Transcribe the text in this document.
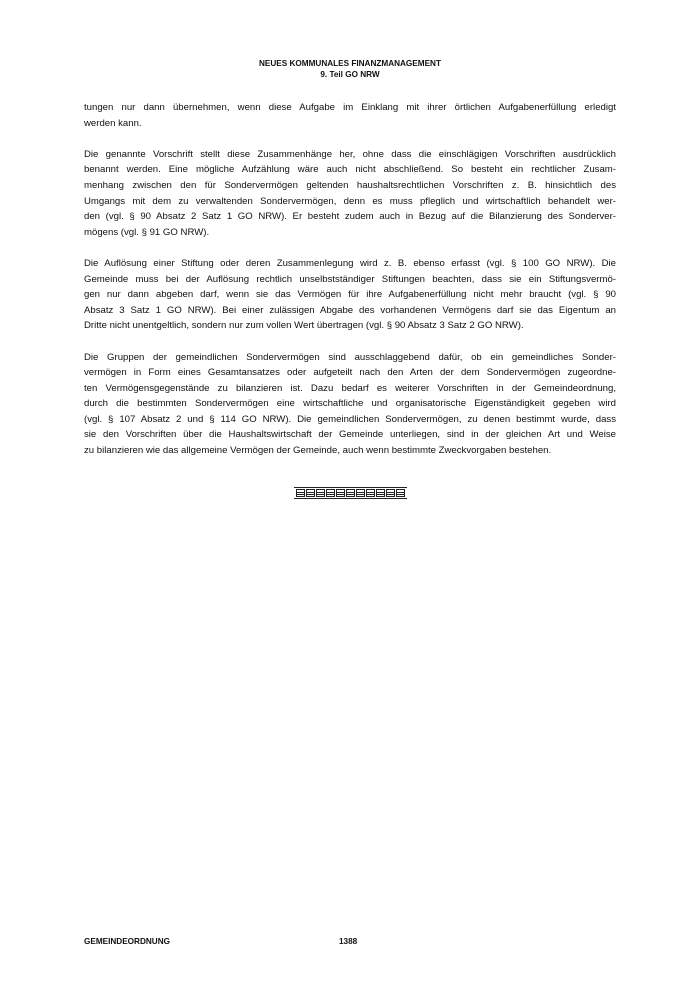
NEUES KOMMUNALES FINANZMANAGEMENT
9. Teil GO NRW

tungen nur dann übernehmen, wenn diese Aufgabe im Einklang mit ihrer örtlichen Aufgabenerfüllung erledigt
werden kann.

Die genannte Vorschrift stellt diese Zusammenhänge her, ohne dass die einschlägigen Vorschriften ausdrücklich
benannt werden. Eine mögliche Aufzählung wäre auch nicht abschließend. So besteht ein rechtlicher Zusam-
menhang zwischen den für Sondervermögen geltenden haushaltsrechtlichen Vorschriften z. B. hinsichtlich des
Umgangs mit dem zu verwaltenden Sondervermögen, denn es muss pfleglich und wirtschaftlich behandelt wer-
den (vgl. § 90 Absatz 2 Satz 1 GO NRW). Er besteht zudem auch in Bezug auf die Bilanzierung des Sonderver-
mögens (vgl. § 91 GO NRW).

Die Auflösung einer Stiftung oder deren Zusammenlegung wird z. B. ebenso erfasst (vgl. § 100 GO NRW). Die
Gemeinde muss bei der Auflösung rechtlich unselbstständiger Stiftungen beachten, dass sie ein Stiftungsvermö-
gen nur dann abgeben darf, wenn sie das Vermögen für ihre Aufgabenerfüllung nicht mehr braucht (vgl. § 90
Absatz 3 Satz 1 GO NRW). Bei einer zulässigen Abgabe des vorhandenen Vermögens darf sie das Eigentum an
Dritte nicht unentgeltlich, sondern nur zum vollen Wert übertragen (vgl. § 90 Absatz 3 Satz 2 GO NRW).

Die Gruppen der gemeindlichen Sondervermögen sind ausschlaggebend dafür, ob ein gemeindliches Sonder-
vermögen in Form eines Gesamtansatzes oder aufgeteilt nach den Arten der dem Sondervermögen zugeordne-
ten Vermögensgegenstände zu bilanzieren ist. Dazu bedarf es weiterer Vorschriften in der Gemeindeordnung,
durch die bestimmten Sondervermögen eine wirtschaftliche und organisatorische Eigenständigkeit gegeben wird
(vgl. § 107 Absatz 2 und § 114 GO NRW). Die gemeindlichen Sondervermögen, zu denen bestimmt wurde, dass
sie den Vorschriften über die Haushaltswirtschaft der Gemeinde unterliegen, sind in der gleichen Art und Weise
zu bilanzieren wie das allgemeine Vermögen der Gemeinde, auch wenn bestimmte Zweckvorgaben bestehen.

GEMEINDEORDNUNG	1388
